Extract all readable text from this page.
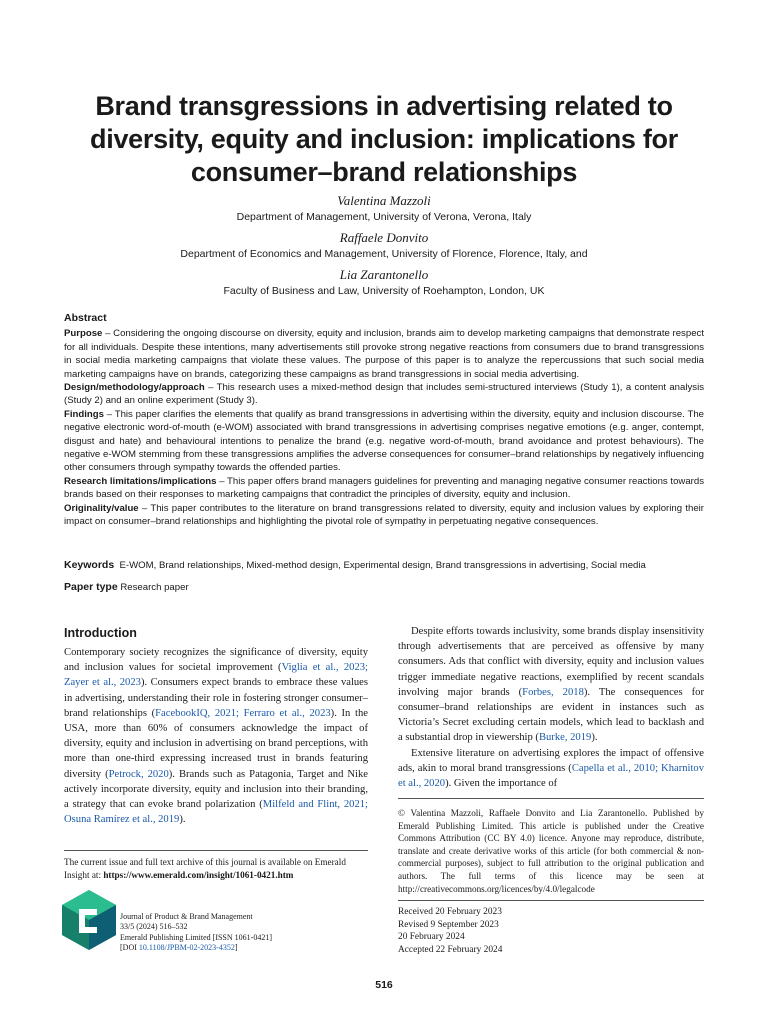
Brand transgressions in advertising related to diversity, equity and inclusion: implications for consumer–brand relationships
Valentina Mazzoli
Department of Management, University of Verona, Verona, Italy
Raffaele Donvito
Department of Economics and Management, University of Florence, Florence, Italy, and
Lia Zarantonello
Faculty of Business and Law, University of Roehampton, London, UK
Abstract

Purpose – Considering the ongoing discourse on diversity, equity and inclusion, brands aim to develop marketing campaigns that demonstrate respect for all individuals. Despite these intentions, many advertisements still provoke strong negative reactions from consumers due to brand transgressions in social media marketing campaigns that violate these values. The purpose of this paper is to analyze the repercussions that such social media marketing campaigns have on brands, categorizing these campaigns as brand transgressions in social media advertising.

Design/methodology/approach – This research uses a mixed-method design that includes semi-structured interviews (Study 1), a content analysis (Study 2) and an online experiment (Study 3).

Findings – This paper clarifies the elements that qualify as brand transgressions in advertising within the diversity, equity and inclusion discourse. The negative electronic word-of-mouth (e-WOM) associated with brand transgressions in advertising comprises negative emotions (e.g. anger, contempt, disgust and hate) and behavioural intentions to penalize the brand (e.g. negative word-of-mouth, brand avoidance and protest behaviours). The negative e-WOM stemming from these transgressions amplifies the adverse consequences for consumer–brand relationships by negatively influencing other consumers through sympathy towards the offended parties.

Research limitations/implications – This paper offers brand managers guidelines for preventing and managing negative consumer reactions towards brands based on their responses to marketing campaigns that contradict the principles of diversity, equity and inclusion.

Originality/value – This paper contributes to the literature on brand transgressions related to diversity, equity and inclusion values by exploring their impact on consumer–brand relationships and highlighting the pivotal role of sympathy in perpetuating negative consequences.

Keywords E-WOM, Brand relationships, Mixed-method design, Experimental design, Brand transgressions in advertising, Social media
Paper type Research paper
Introduction

Contemporary society recognizes the significance of diversity, equity and inclusion values for societal improvement (Viglia et al., 2023; Zayer et al., 2023). Consumers expect brands to embrace these values in advertising, understanding their role in fostering stronger consumer–brand relationships (FacebookIQ, 2021; Ferraro et al., 2023). In the USA, more than 60% of consumers acknowledge the impact of diversity, equity and inclusion in advertising on brand perceptions, with more than one-third expressing increased trust in brands featuring diversity (Petrock, 2020). Brands such as Patagonia, Target and Nike actively incorporate diversity, equity and inclusion into their branding, a strategy that can evoke brand polarization (Milfeld and Flint, 2021; Osuna Ramírez et al., 2019).

Despite efforts towards inclusivity, some brands display insensitivity through advertisements that are perceived as offensive by many consumers. Ads that conflict with diversity, equity and inclusion values trigger immediate negative reactions, exemplified by recent scandals involving major brands (Forbes, 2018). The consequences for consumer–brand relationships are evident in instances such as Victoria’s Secret excluding certain models, which lead to backlash and a substantial drop in viewership (Burke, 2019).

Extensive literature on advertising explores the impact of offensive ads, akin to moral brand transgressions (Capella et al., 2010; Kharnitov et al., 2020). Given the importance of

© Valentina Mazzoli, Raffaele Donvito and Lia Zarantonello. Published by Emerald Publishing Limited. This article is published under the Creative Commons Attribution (CC BY 4.0) licence. Anyone may reproduce, distribute, translate and create derivative works of this article (for both commercial & non-commercial purposes), subject to full attribution to the original publication and authors. The full terms of this licence may be seen at http://creativecommons.org/licences/by/4.0/legalcode
The current issue and full text archive of this journal is available on Emerald Insight at: https://www.emerald.com/insight/1061-0421.htm
Journal of Product & Brand Management
33/5 (2024) 516–532
Emerald Publishing Limited [ISSN 1061-0421]
[DOI 10.1108/JPBM-02-2023-4352]
Received 20 February 2023
Revised 9 September 2023
20 February 2024
Accepted 22 February 2024
516
